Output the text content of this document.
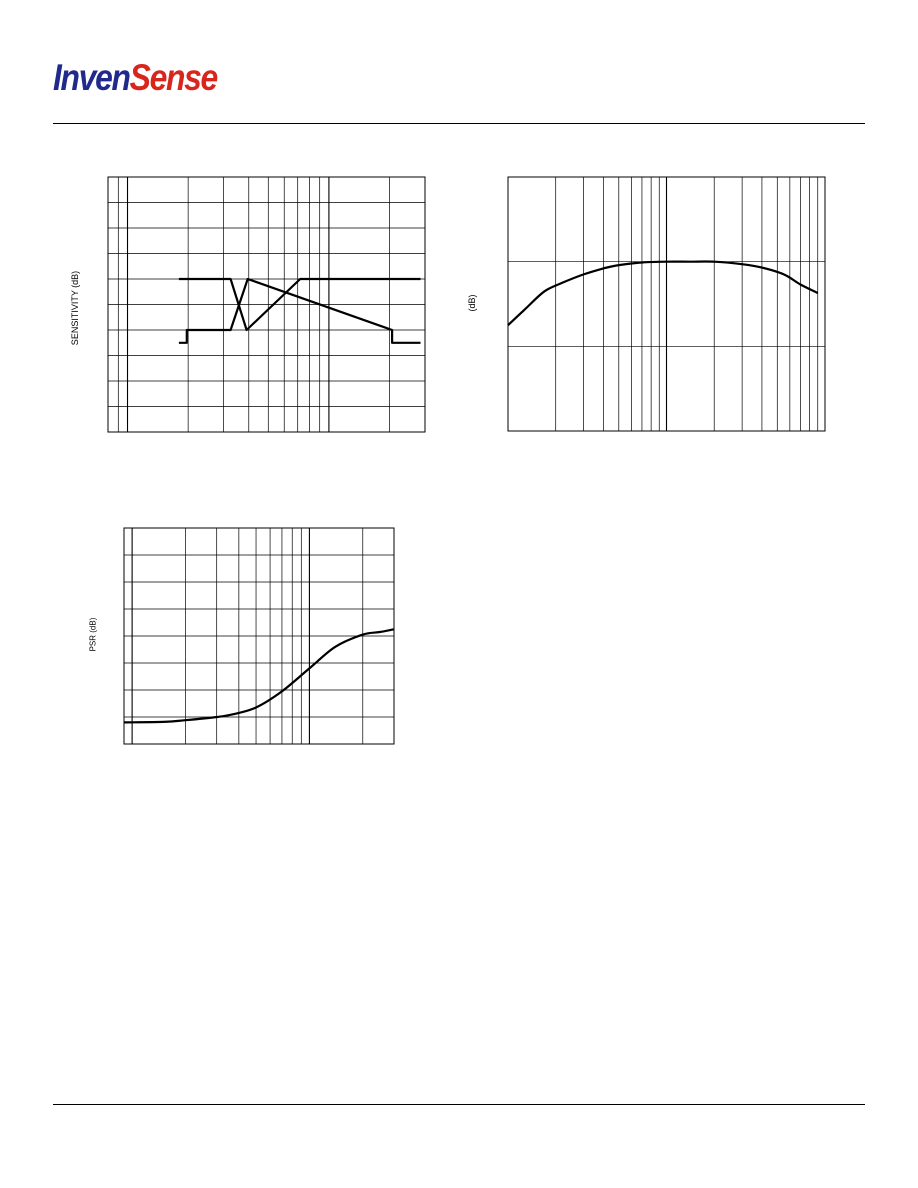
InvenSense
SENSITIVITY (dB)	(dB)
PSR (dB)
